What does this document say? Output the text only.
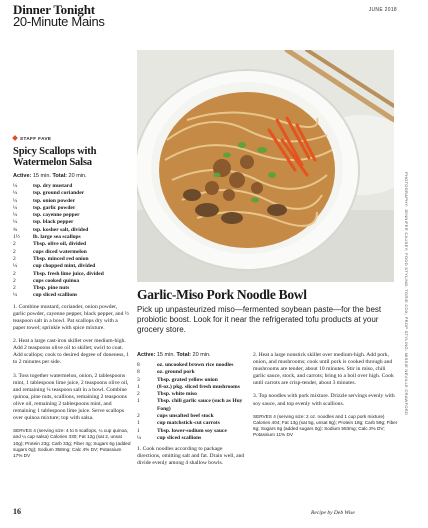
Dinner Tonight
20-Minute Mains
JUNE 2018
PHOTOGRAPHY: JENNIFER CAUSEY; FOOD STYLING: TORIE COX; PROP STYLING: MISSIE NEVILLE CRAWFORD
STAFF FAVE
Spicy Scallops with
Watermelon Salsa
Active: 15 min. Total: 20 min.
¼	tsp. dry mustard
¼	tsp. ground coriander
¼	tsp. onion powder
¼	tsp. garlic powder
¼	tsp. cayenne pepper
¼	tsp. black pepper
¾	tsp. kosher salt, divided
1½ lb. large sea scallops
2	Tbsp. olive oil, divided
2	cups diced watermelon
2	Tbsp. minced red onion
¼	cup chopped mint, divided
2	Tbsp. fresh lime juice, divided
2	cups cooked quinoa
2	Tbsp. pine nuts
¼	cup sliced scallions
1. Combine mustard, coriander, onion powder, garlic powder, cayenne pepper, black pepper, and ½ teaspoon salt in a bowl. Pat scallops dry with a paper towel; sprinkle with spice mixture.
2. Heat a large cast-iron skillet over medium-high. Add 2 teaspoons olive oil to skillet; swirl to coat. Add scallops; cook to desired degree of doneness, 1 to 2 minutes per side.
3. Toss together watermelon, onion, 2 tablespoons mint, 1 tablespoon lime juice, 2 teaspoons olive oil, and remaining ¼ teaspoon salt in a bowl. Combine quinoa, pine nuts, scallions, remaining 2 teaspoons olive oil, remaining 2 tablespoons mint, and remaining 1 tablespoon lime juice. Serve scallops over quinoa mixture; top with salsa.
SERVES 4 (serving size: 4 to 5 scallops, ¼ cup quinoa, and ¼ cup salsa) Calories 330; Fat 12g (sat 2, unsat 10g); Protein 23g; Carb 33g; Fiber 4g; Sugars 6g (added sugars 0g); Sodium 358mg; Calc 4% DV; Potassium 17% DV
Garlic-Miso Pork Noodle Bowl
Pick up unpasteurized miso—fermented soybean paste—for the best probiotic boost. Look for it near the refrigerated tofu products at your grocery store.
Active: 15 min. Total: 20 min.
8	oz. uncooked brown rice noodles
8	oz. ground pork
3	Tbsp. grated yellow onion
1	(8-oz.) pkg. sliced fresh mushrooms
2	Tbsp. white miso
1	Tbsp. chili garlic sauce (such as Huy Fong)
2	cups unsalted beef stock
1	cup matchstick-cut carrots
1	Tbsp. lower-sodium soy sauce
¼	cup sliced scallions
1. Cook noodles according to package directions, omitting salt and fat. Drain well, and divide evenly among 4 shallow bowls.
2. Heat a large nonstick skillet over medium-high. Add pork, onion, and mushrooms; cook until pork is cooked through and mushrooms are tender, about 10 minutes. Stir in miso, chili garlic sauce, stock, and carrots; bring to a boil over high. Cook until carrots are crisp-tender, about 3 minutes.
3. Top noodles with pork mixture. Drizzle servings evenly with soy sauce, and top evenly with scallions.
SERVES 4 (serving size: 2 oz. noodles and 1 cup pork mixture) Calories 404; Fat 13g (sat 5g, unsat 8g); Protein 18g; Carb 59g; Fiber 6g; Sugars 6g (added sugars 0g); Sodium 553mg; Calc 2% DV; Potassium 11% DV
16	Recipe by Deb Wise
